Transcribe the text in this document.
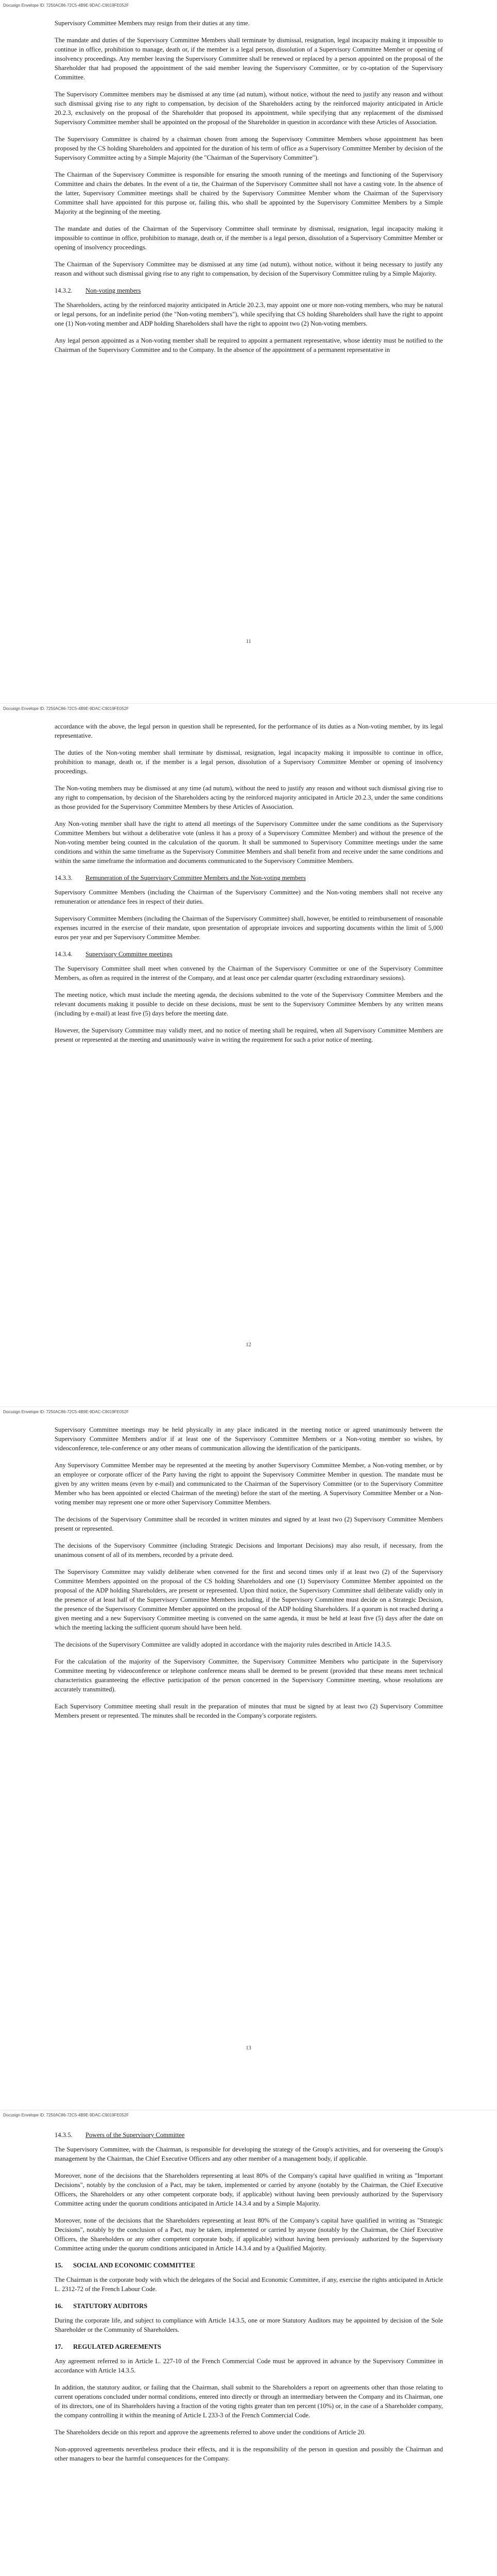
Docusign Envelope ID: 7250AC86-72C5-4B9E-9DAC-C9019FE052F

Supervisory Committee Members may resign from their duties at any time.

The mandate and duties of the Supervisory Committee Members shall terminate by dismissal, resignation, legal incapacity making it impossible to continue in office, prohibition to manage, death or, if the member is a legal person, dissolution of a Supervisory Committee Member or opening of insolvency proceedings. Any member leaving the Supervisory Committee shall be renewed or replaced by a person appointed on the proposal of the Shareholder that had proposed the appointment of the said member leaving the Supervisory Committee, or by co-optation of the Supervisory Committee.

The Supervisory Committee members may be dismissed at any time (ad nutum), without notice, without the need to justify any reason and without such dismissal giving rise to any right to compensation, by decision of the Shareholders acting by the reinforced majority anticipated in Article 20.2.3, exclusively on the proposal of the Shareholder that proposed its appointment, while specifying that any replacement of the dismissed Supervisory Committee member shall be appointed on the proposal of the Shareholder in question in accordance with these Articles of Association.

The Supervisory Committee is chaired by a chairman chosen from among the Supervisory Committee Members whose appointment has been proposed by the CS holding Shareholders and appointed for the duration of his term of office as a Supervisory Committee Member by decision of the Supervisory Committee acting by a Simple Majority (the "Chairman of the Supervisory Committee").

The Chairman of the Supervisory Committee is responsible for ensuring the smooth running of the meetings and functioning of the Supervisory Committee and chairs the debates. In the event of a tie, the Chairman of the Supervisory Committee shall not have a casting vote. In the absence of the latter, Supervisory Committee meetings shall be chaired by the Supervisory Committee Member whom the Chairman of the Supervisory Committee shall have appointed for this purpose or, failing this, who shall be appointed by the Supervisory Committee Members by a Simple Majority at the beginning of the meeting.

The mandate and duties of the Chairman of the Supervisory Committee shall terminate by dismissal, resignation, legal incapacity making it impossible to continue in office, prohibition to manage, death or, if the member is a legal person, dissolution of a Supervisory Committee Member or opening of insolvency proceedings.

The Chairman of the Supervisory Committee may be dismissed at any time (ad nutum), without notice, without it being necessary to justify any reason and without such dismissal giving rise to any right to compensation, by decision of the Supervisory Committee ruling by a Simple Majority.

14.3.2. Non-voting members

The Shareholders, acting by the reinforced majority anticipated in Article 20.2.3, may appoint one or more non-voting members, who may be natural or legal persons, for an indefinite period (the "Non-voting members"), while specifying that CS holding Shareholders shall have the right to appoint one (1) Non-voting member and ADP holding Shareholders shall have the right to appoint two (2) Non-voting members.

Any legal person appointed as a Non-voting member shall be required to appoint a permanent representative, whose identity must be notified to the Chairman of the Supervisory Committee and to the Company. In the absence of the appointment of a permanent representative in

11
Docusign Envelope ID: 7250AC86-72C5-4B9E-9DAC-C9019FE052F

accordance with the above, the legal person in question shall be represented, for the performance of its duties as a Non-voting member, by its legal representative.

The duties of the Non-voting member shall terminate by dismissal, resignation, legal incapacity making it impossible to continue in office, prohibition to manage, death or, if the member is a legal person, dissolution of a Supervisory Committee Member or opening of insolvency proceedings.

The Non-voting members may be dismissed at any time (ad nutum), without the need to justify any reason and without such dismissal giving rise to any right to compensation, by decision of the Shareholders acting by the reinforced majority anticipated in Article 20.2.3, under the same conditions as those provided for the Supervisory Committee Members by these Articles of Association.

Any Non-voting member shall have the right to attend all meetings of the Supervisory Committee under the same conditions as the Supervisory Committee Members but without a deliberative vote (unless it has a proxy of a Supervisory Committee Member) and without the presence of the Non-voting member being counted in the calculation of the quorum. It shall be summoned to Supervisory Committee meetings under the same conditions and within the same timeframe as the Supervisory Committee Members and shall benefit from and receive under the same conditions and within the same timeframe the information and documents communicated to the Supervisory Committee Members.

14.3.3. Remuneration of the Supervisory Committee Members and the Non-voting members

Supervisory Committee Members (including the Chairman of the Supervisory Committee) and the Non-voting members shall not receive any remuneration or attendance fees in respect of their duties.

Supervisory Committee Members (including the Chairman of the Supervisory Committee) shall, however, be entitled to reimbursement of reasonable expenses incurred in the exercise of their mandate, upon presentation of appropriate invoices and supporting documents within the limit of 5,000 euros per year and per Supervisory Committee Member.

14.3.4. Supervisory Committee meetings

The Supervisory Committee shall meet when convened by the Chairman of the Supervisory Committee or one of the Supervisory Committee Members, as often as required in the interest of the Company, and at least once per calendar quarter (excluding extraordinary sessions).

The meeting notice, which must include the meeting agenda, the decisions submitted to the vote of the Supervisory Committee Members and the relevant documents making it possible to decide on these decisions, must be sent to the Supervisory Committee Members by any written means (including by e-mail) at least five (5) days before the meeting date.

However, the Supervisory Committee may validly meet, and no notice of meeting shall be required, when all Supervisory Committee Members are present or represented at the meeting and unanimously waive in writing the requirement for such a prior notice of meeting.

12
Docusign Envelope ID: 7250AC86-72C5-4B9E-9DAC-C9019FE052F

Supervisory Committee meetings may be held physically in any place indicated in the meeting notice or agreed unanimously between the Supervisory Committee Members and/or if at least one of the Supervisory Committee Members or a Non-voting member so wishes, by videoconference, tele-conference or any other means of communication allowing the identification of the participants.

Any Supervisory Committee Member may be represented at the meeting by another Supervisory Committee Member, a Non-voting member, or by an employee or corporate officer of the Party having the right to appoint the Supervisory Committee Member in question. The mandate must be given by any written means (even by e-mail) and communicated to the Chairman of the Supervisory Committee (or to the Supervisory Committee Member who has been appointed or elected Chairman of the meeting) before the start of the meeting. A Supervisory Committee Member or a Non-voting member may represent one or more other Supervisory Committee Members.

The decisions of the Supervisory Committee shall be recorded in written minutes and signed by at least two (2) Supervisory Committee Members present or represented.

The decisions of the Supervisory Committee (including Strategic Decisions and Important Decisions) may also result, if necessary, from the unanimous consent of all of its members, recorded by a private deed.

The Supervisory Committee may validly deliberate when convened for the first and second times only if at least two (2) of the Supervisory Committee Members appointed on the proposal of the CS holding Shareholders and one (1) Supervisory Committee Member appointed on the proposal of the ADP holding Shareholders, are present or represented. Upon third notice, the Supervisory Committee shall deliberate validly only in the presence of at least half of the Supervisory Committee Members including, if the Supervisory Committee must decide on a Strategic Decision, the presence of the Supervisory Committee Member appointed on the proposal of the ADP holding Shareholders. If a quorum is not reached during a given meeting and a new Supervisory Committee meeting is convened on the same agenda, it must be held at least five (5) days after the date on which the meeting lacking the sufficient quorum should have been held.

The decisions of the Supervisory Committee are validly adopted in accordance with the majority rules described in Article 14.3.5.

For the calculation of the majority of the Supervisory Committee, the Supervisory Committee Members who participate in the Supervisory Committee meeting by videoconference or telephone conference means shall be deemed to be present (provided that these means meet technical characteristics guaranteeing the effective participation of the person concerned in the Supervisory Committee meeting, whose resolutions are accurately transmitted).

Each Supervisory Committee meeting shall result in the preparation of minutes that must be signed by at least two (2) Supervisory Committee Members present or represented. The minutes shall be recorded in the Company's corporate registers.

13
Docusign Envelope ID: 7250AC86-72C5-4B9E-9DAC-C9019FE052F
14.3.5. Powers of the Supervisory Committee

The Supervisory Committee, with the Chairman, is responsible for developing the strategy of the Group's activities, and for overseeing the Group's management by the Chairman, the Chief Executive Officers and any other member of a management body, if applicable.

Moreover, none of the decisions that the Shareholders representing at least 80% of the Company's capital have qualified in writing as "Important Decisions", notably by the conclusion of a Pact, may be taken, implemented or carried by anyone (notably by the Chairman, the Chief Executive Officers, the Shareholders or any other competent corporate body, if applicable) without having been previously authorized by the Supervisory Committee acting under the quorum conditions anticipated in Article 14.3.4 and by a Simple Majority.

Moreover, none of the decisions that the Shareholders representing at least 80% of the Company's capital have qualified in writing as "Strategic Decisions", notably by the conclusion of a Pact, may be taken, implemented or carried by anyone (notably by the Chairman, the Chief Executive Officers, the Shareholders or any other competent corporate body, if applicable) without having been previously authorized by the Supervisory Committee acting under the quorum conditions anticipated in Article 14.3.4 and by a Qualified Majority.

15. SOCIAL AND ECONOMIC COMMITTEE

The Chairman is the corporate body with which the delegates of the Social and Economic Committee, if any, exercise the rights anticipated in Article L. 2312-72 of the French Labour Code.

16. STATUTORY AUDITORS

During the corporate life, and subject to compliance with Article 14.3.5, one or more Statutory Auditors may be appointed by decision of the Sole Shareholder or the Community of Shareholders.

17. REGULATED AGREEMENTS

Any agreement referred to in Article L. 227-10 of the French Commercial Code must be approved in advance by the Supervisory Committee in accordance with Article 14.3.5.

In addition, the statutory auditor, or failing that the Chairman, shall submit to the Shareholders a report on agreements other than those relating to current operations concluded under normal conditions, entered into directly or through an intermediary between the Company and its Chairman, one of its directors, one of its Shareholders having a fraction of the voting rights greater than ten percent (10%) or, in the case of a Shareholder company, the company controlling it within the meaning of Article L 233-3 of the French Commercial Code.

The Shareholders decide on this report and approve the agreements referred to above under the conditions of Article 20.

Non-approved agreements nevertheless produce their effects, and it is the responsibility of the person in question and possibly the Chairman and other managers to bear the harmful consequences for the Company.
